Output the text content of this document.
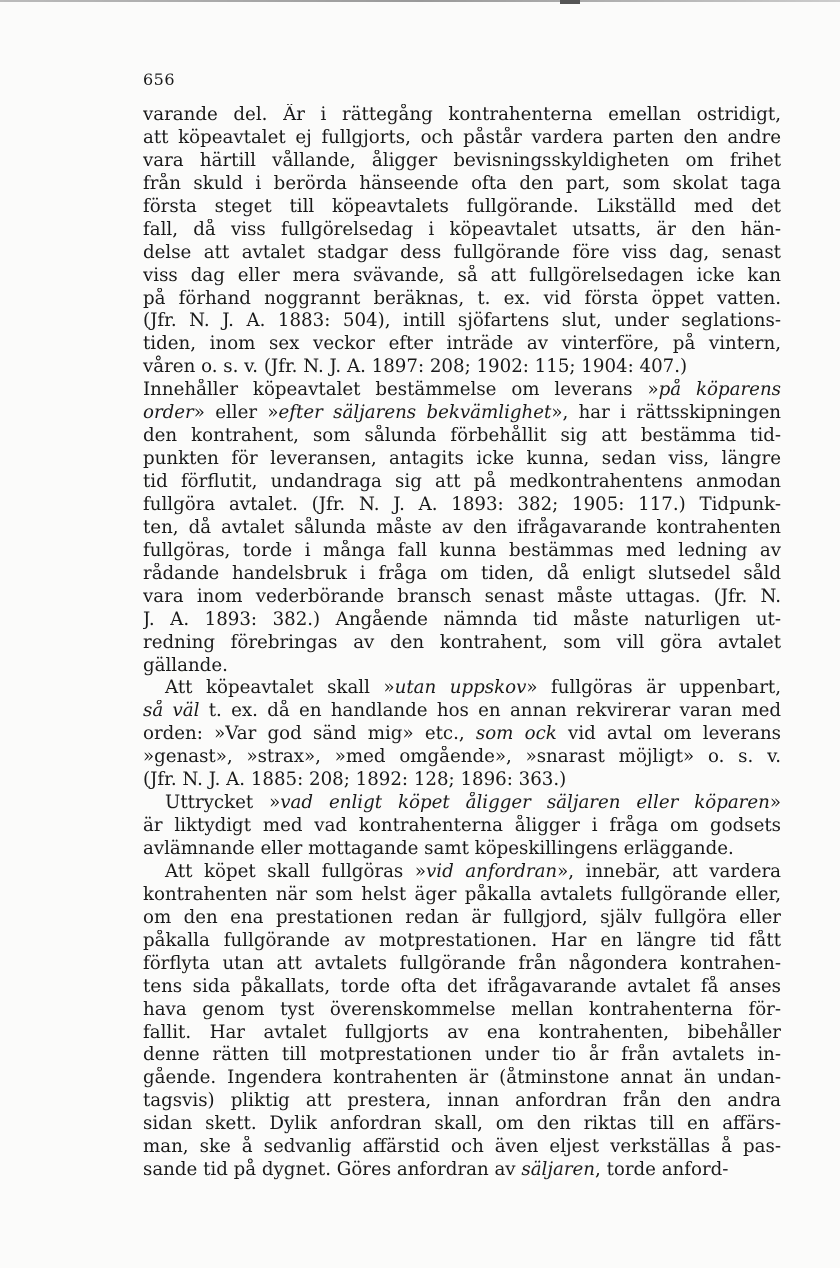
656
varande del. Är i rättegång kontrahenterna emellan ostridigt,
att köpeavtalet ej fullgjorts, och påstår vardera parten den andre
vara härtill vållande, åligger bevisningsskyldigheten om frihet
från skuld i berörda hänseende ofta den part, som skolat taga
första steget till köpeavtalets fullgörande. Likställd med det
fall, då viss fullgörelsedag i köpeavtalet utsatts, är den hän-
delse att avtalet stadgar dess fullgörande före viss dag, senast
viss dag eller mera svävande, så att fullgörelsedagen icke kan
på förhand noggrannt beräknas, t. ex. vid första öppet vatten.
(Jfr. N. J. A. 1883: 504), intill sjöfartens slut, under seglations-
tiden, inom sex veckor efter inträde av vinterföre, på vintern,
våren o. s. v. (Jfr. N. J. A. 1897: 208; 1902: 115; 1904: 407.)
Innehåller köpeavtalet bestämmelse om leverans »på köparens
order» eller »efter säljarens bekvämlighet», har i rättsskipningen
den kontrahent, som sålunda förbehållit sig att bestämma tid-
punkten för leveransen, antagits icke kunna, sedan viss, längre
tid förflutit, undandraga sig att på medkontrahentens anmodan
fullgöra avtalet. (Jfr. N. J. A. 1893: 382; 1905: 117.) Tidpunk-
ten, då avtalet sålunda måste av den ifrågavarande kontrahenten
fullgöras, torde i många fall kunna bestämmas med ledning av
rådande handelsbruk i fråga om tiden, då enligt slutsedel såld
vara inom vederbörande bransch senast måste uttagas. (Jfr. N.
J. A. 1893: 382.) Angående nämnda tid måste naturligen ut-
redning förebringas av den kontrahent, som vill göra avtalet
gällande.
Att köpeavtalet skall »utan uppskov» fullgöras är uppenbart,
så väl t. ex. då en handlande hos en annan rekvirerar varan med
orden: »Var god sänd mig» etc., som ock vid avtal om leverans
»genast», »strax», »med omgående», »snarast möjligt» o. s. v.
(Jfr. N. J. A. 1885: 208; 1892: 128; 1896: 363.)
Uttrycket »vad enligt köpet åligger säljaren eller köparen»
är liktydigt med vad kontrahenterna åligger i fråga om godsets
avlämnande eller mottagande samt köpeskillingens erläggande.
Att köpet skall fullgöras »vid anfordran», innebär, att vardera
kontrahenten när som helst äger påkalla avtalets fullgörande eller,
om den ena prestationen redan är fullgjord, själv fullgöra eller
påkalla fullgörande av motprestationen. Har en längre tid fått
förflyta utan att avtalets fullgörande från någondera kontrahen-
tens sida påkallats, torde ofta det ifrågavarande avtalet få anses
hava genom tyst överenskommelse mellan kontrahenterna för-
fallit. Har avtalet fullgjorts av ena kontrahenten, bibehåller
denne rätten till motprestationen under tio år från avtalets in-
gående. Ingendera kontrahenten är (åtminstone annat än undan-
tagsvis) pliktig att prestera, innan anfordran från den andra
sidan skett. Dylik anfordran skall, om den riktas till en affärs-
man, ske å sedvanlig affärstid och även eljest verkställas å pas-
sande tid på dygnet. Göres anfordran av säljaren, torde anford-
